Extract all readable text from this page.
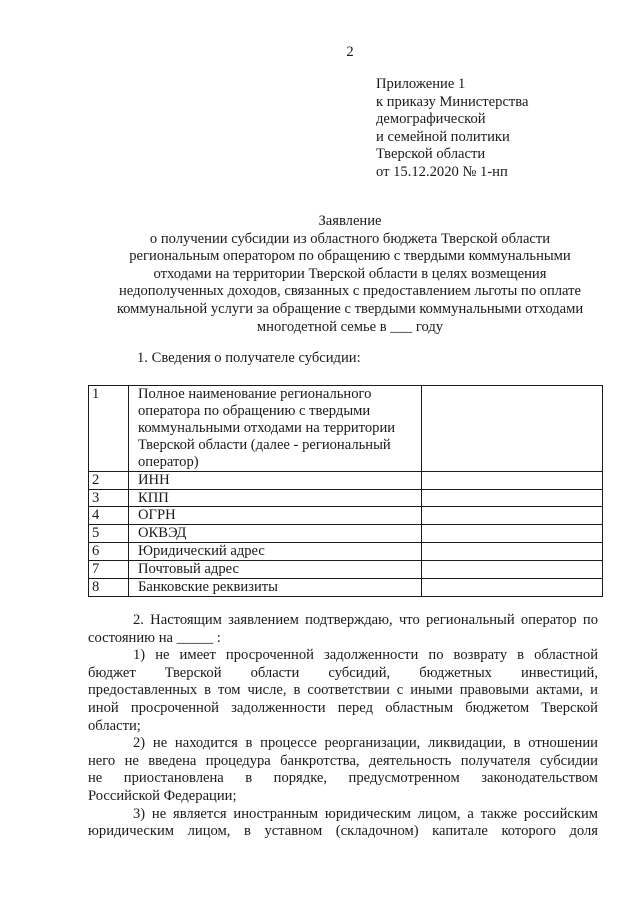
2
Приложение 1
к приказу Министерства
демографической
и семейной политики
Тверской области
от 15.12.2020 № 1-нп
Заявление
о получении субсидии из областного бюджета Тверской области
региональным оператором по обращению с твердыми коммунальными
отходами на территории Тверской области в целях возмещения
недополученных доходов, связанных с предоставлением льготы по оплате
коммунальной услуги за обращение с твердыми коммунальными отходами
многодетной семье в ___ году
1. Сведения о получателе субсидии:
1	Полное наименование регионального
оператора по обращению с твердыми
коммунальными отходами на территории
Тверской области (далее - региональный
оператор)	

2	ИНН	

3	КПП	

4	ОГРН	

5	ОКВЭД	

6	Юридический адрес	

7	Почтовый адрес	

8	Банковские реквизиты	

2. Настоящим заявлением подтверждаю, что региональный оператор по
состоянию на _____ :
1) не имеет просроченной задолженности по возврату в областной
бюджет Тверской области субсидий, бюджетных инвестиций,
предоставленных в том числе, в соответствии с иными правовыми актами, и
иной просроченной задолженности перед областным бюджетом Тверской
области;
2) не находится в процессе реорганизации, ликвидации, в отношении
него не введена процедура банкротства, деятельность получателя субсидии
не приостановлена в порядке, предусмотренном законодательством
Российской Федерации;
3) не является иностранным юридическим лицом, а также российским
юридическим лицом, в уставном (складочном) капитале которого доля
